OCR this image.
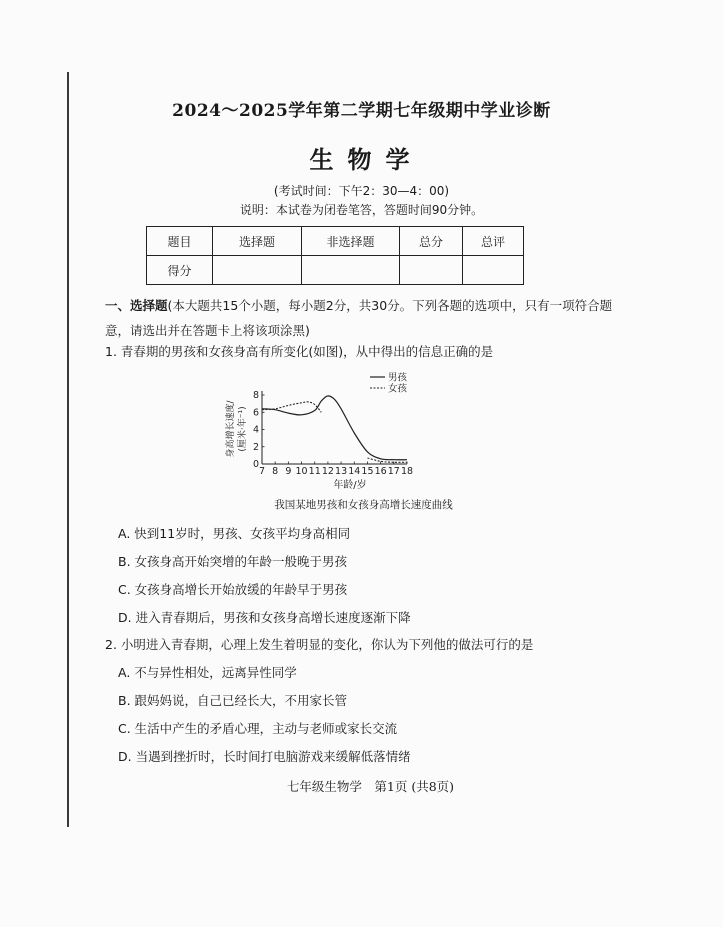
2024～2025学年第二学期七年级期中学业诊断
生物学
(考试时间：下午2：30—4：00)
说明：本试卷为闭卷笔答，答题时间90分钟。
题目	选择题	非选择题	总分	总评
得分				
一、选择题(本大题共15个小题，每小题2分，共30分。下列各题的选项中，只有一项符合题
意，请选出并在答题卡上将该项涂黑)
1. 青春期的男孩和女孩身高有所变化(如图)，从中得出的信息正确的是
男孩
女孩
7 8 9 10 11 12 13 14 15 16 17 18
0
2
4
6
8
年龄/岁
身高增长速度/ (厘米·年⁻¹)
我国某地男孩和女孩身高增长速度曲线
A. 快到11岁时，男孩、女孩平均身高相同
B. 女孩身高开始突增的年龄一般晚于男孩
C. 女孩身高增长开始放缓的年龄早于男孩
D. 进入青春期后，男孩和女孩身高增长速度逐渐下降
2. 小明进入青春期，心理上发生着明显的变化，你认为下列他的做法可行的是
A. 不与异性相处，远离异性同学
B. 跟妈妈说，自己已经长大，不用家长管
C. 生活中产生的矛盾心理，主动与老师或家长交流
D. 当遇到挫折时，长时间打电脑游戏来缓解低落情绪
七年级生物学　第1页 (共8页)
